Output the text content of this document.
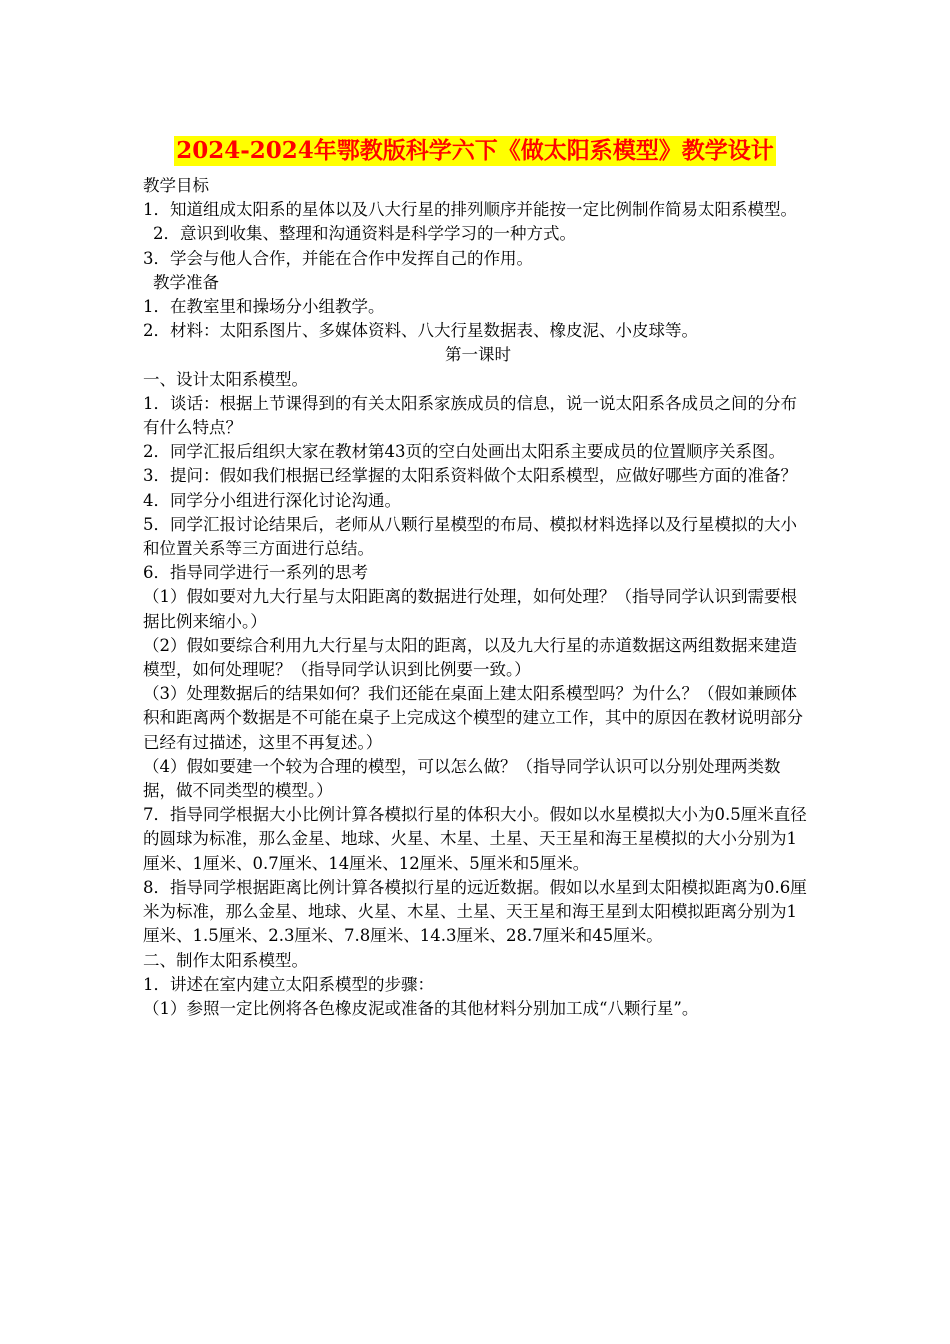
2024-2024年鄂教版科学六下《做太阳系模型》教学设计

教学目标

1．知道组成太阳系的星体以及八大行星的排列顺序并能按一定比例制作简易太阳系模型。

2．意识到收集、整理和沟通资料是科学学习的一种方式。

3．学会与他人合作，并能在合作中发挥自己的作用。

教学准备

1．在教室里和操场分小组教学。

2．材料：太阳系图片、多媒体资料、八大行星数据表、橡皮泥、小皮球等。

第一课时

一、设计太阳系模型。

1．谈话：根据上节课得到的有关太阳系家族成员的信息，说一说太阳系各成员之间的分布有什么特点？

2．同学汇报后组织大家在教材第43页的空白处画出太阳系主要成员的位置顺序关系图。

3．提问：假如我们根据已经掌握的太阳系资料做个太阳系模型，应做好哪些方面的准备？

4．同学分小组进行深化讨论沟通。

5．同学汇报讨论结果后，老师从八颗行星模型的布局、模拟材料选择以及行星模拟的大小和位置关系等三方面进行总结。

6．指导同学进行一系列的思考

（1）假如要对九大行星与太阳距离的数据进行处理，如何处理？（指导同学认识到需要根据比例来缩小。）

（2）假如要综合利用九大行星与太阳的距离，以及九大行星的赤道数据这两组数据来建造模型，如何处理呢？（指导同学认识到比例要一致。）

（3）处理数据后的结果如何？我们还能在桌面上建太阳系模型吗？为什么？（假如兼顾体积和距离两个数据是不可能在桌子上完成这个模型的建立工作，其中的原因在教材说明部分已经有过描述，这里不再复述。）

（4）假如要建一个较为合理的模型，可以怎么做？（指导同学认识可以分别处理两类数据，做不同类型的模型。）

7．指导同学根据大小比例计算各模拟行星的体积大小。假如以水星模拟大小为0.5厘米直径的圆球为标准，那么金星、地球、火星、木星、土星、天王星和海王星模拟的大小分别为1厘米、1厘米、0.7厘米、14厘米、12厘米、5厘米和5厘米。

8．指导同学根据距离比例计算各模拟行星的远近数据。假如以水星到太阳模拟距离为0.6厘米为标准，那么金星、地球、火星、木星、土星、天王星和海王星到太阳模拟距离分别为1厘米、1.5厘米、2.3厘米、7.8厘米、14.3厘米、28.7厘米和45厘米。

二、制作太阳系模型。

1．讲述在室内建立太阳系模型的步骤：

（1）参照一定比例将各色橡皮泥或准备的其他材料分别加工成“八颗行星”。
